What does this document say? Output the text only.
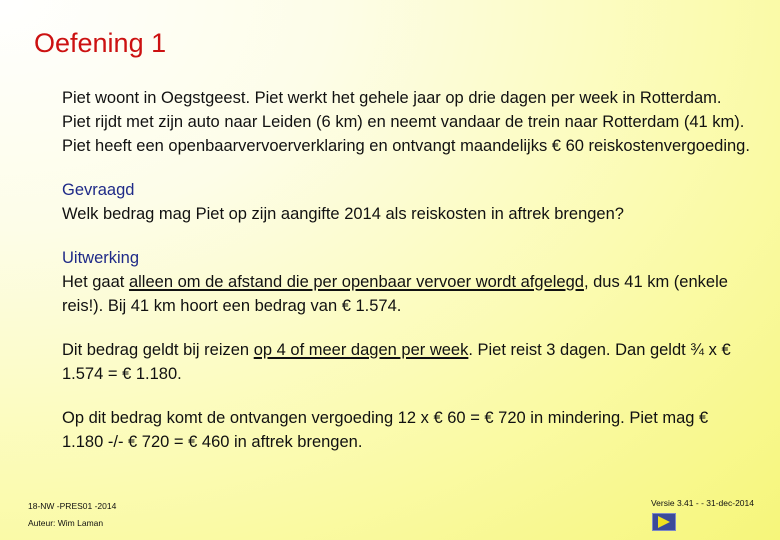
Oefening 1

Piet woont in Oegstgeest. Piet werkt het gehele jaar op drie dagen per week in Rotterdam. Piet rijdt met zijn auto naar Leiden (6 km) en neemt vandaar de trein naar Rotterdam (41 km). Piet heeft een openbaarvervoerverklaring en ontvangt maandelijks € 60 reiskostenvergoeding.

Gevraagd
Welk bedrag mag Piet op zijn aangifte 2014 als reiskosten in aftrek brengen?
Uitwerking
Het gaat alleen om de afstand die per openbaar vervoer wordt afgelegd, dus 41 km (enkele reis!). Bij 41 km hoort een bedrag van € 1.574.

Dit bedrag geldt bij reizen op 4 of meer dagen per week. Piet reist 3 dagen. Dan geldt ¾ x € 1.574 = € 1.180.

Op dit bedrag komt de ontvangen vergoeding 12 x € 60 = € 720 in mindering. Piet mag € 1.180 -/- € 720 = € 460 in aftrek brengen.

18-NW -PRES01 -2014
Auteur: Wim Laman
Versie 3.41 - - 31-dec-2014
